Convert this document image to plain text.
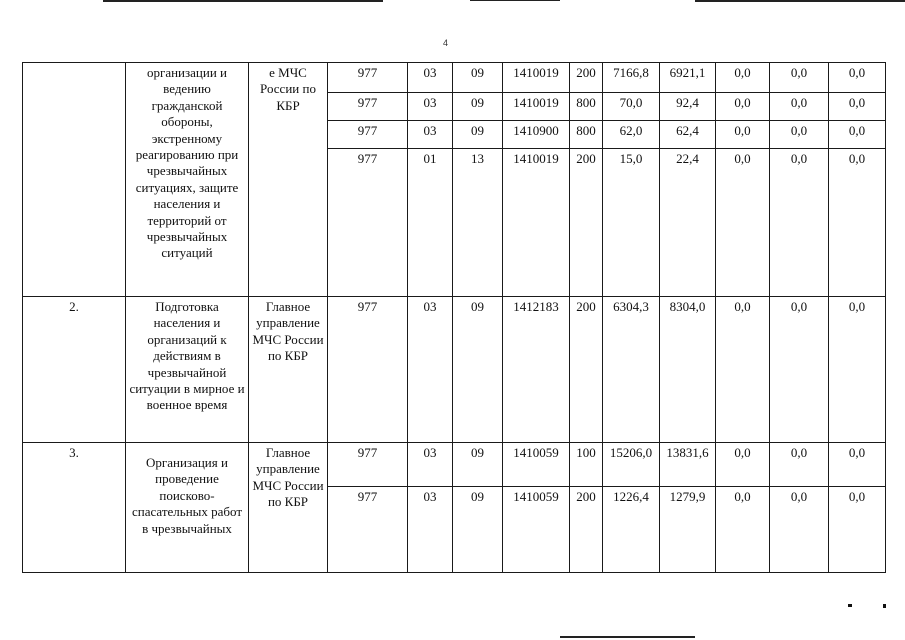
4
	организации и ведению гражданской обороны, экстренному реагированию при чрезвычайных ситуациях, защите населения и территорий от чрезвычайных ситуаций	е МЧС России по КБР	977	03	09	1410019	200	7166,8	6921,1	0,0	0,0	0,0
			977	03	09	1410019	800	70,0	92,4	0,0	0,0	0,0
			977	03	09	1410900	800	62,0	62,4	0,0	0,0	0,0
			977	01	13	1410019	200	15,0	22,4	0,0	0,0	0,0
2.	Подготовка населения и организаций к действиям в чрезвычайной ситуации в мирное и военное время	Главное управление МЧС России по КБР	977	03	09	1412183	200	6304,3	8304,0	0,0	0,0	0,0
3.	Организация и проведение поисково-спасательных работ в чрезвычайных	Главное управление МЧС России по КБР	977	03	09	1410059	100	15206,0	13831,6	0,0	0,0	0,0
			977	03	09	1410059	200	1226,4	1279,9	0,0	0,0	0,0
